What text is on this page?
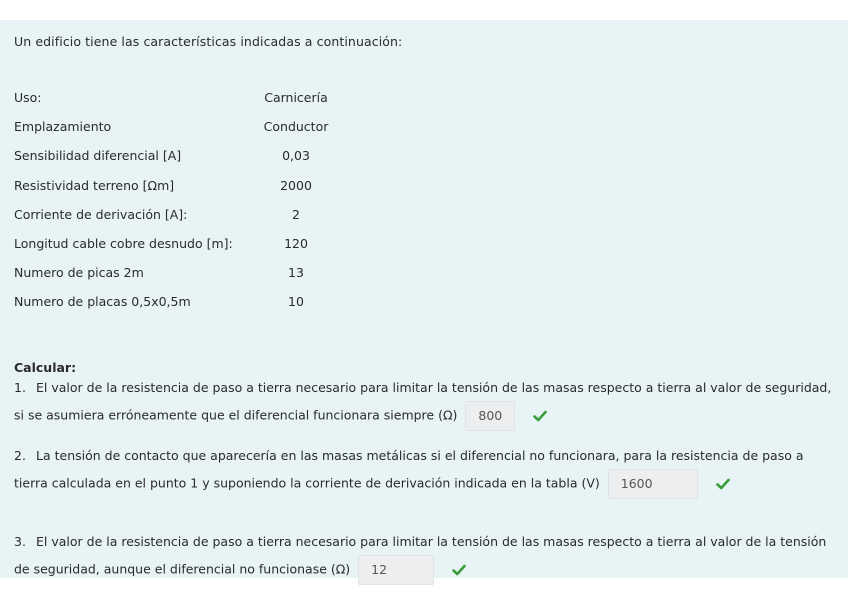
Un edificio tiene las características indicadas a continuación:
Uso:	Carnicería
Emplazamiento	Conductor
Sensibilidad diferencial [A]	0,03
Resistividad terreno [Ωm]	2000
Corriente de derivación [A]:	2
Longitud cable cobre desnudo [m]:	120
Numero de picas 2m	13
Numero de placas 0,5x0,5m	10
Calcular:
1. El valor de la resistencia de paso a tierra necesario para limitar la tensión de las masas respecto a tierra al valor de seguridad, si se asumiera erróneamente que el diferencial funcionara siempre (Ω) 800
2. La tensión de contacto que aparecería en las masas metálicas si el diferencial no funcionara, para la resistencia de paso a tierra calculada en el punto 1 y suponiendo la corriente de derivación indicada en la tabla (V) 1600
3. El valor de la resistencia de paso a tierra necesario para limitar la tensión de las masas respecto a tierra al valor de la tensión de seguridad, aunque el diferencial no funcionase (Ω) 12
